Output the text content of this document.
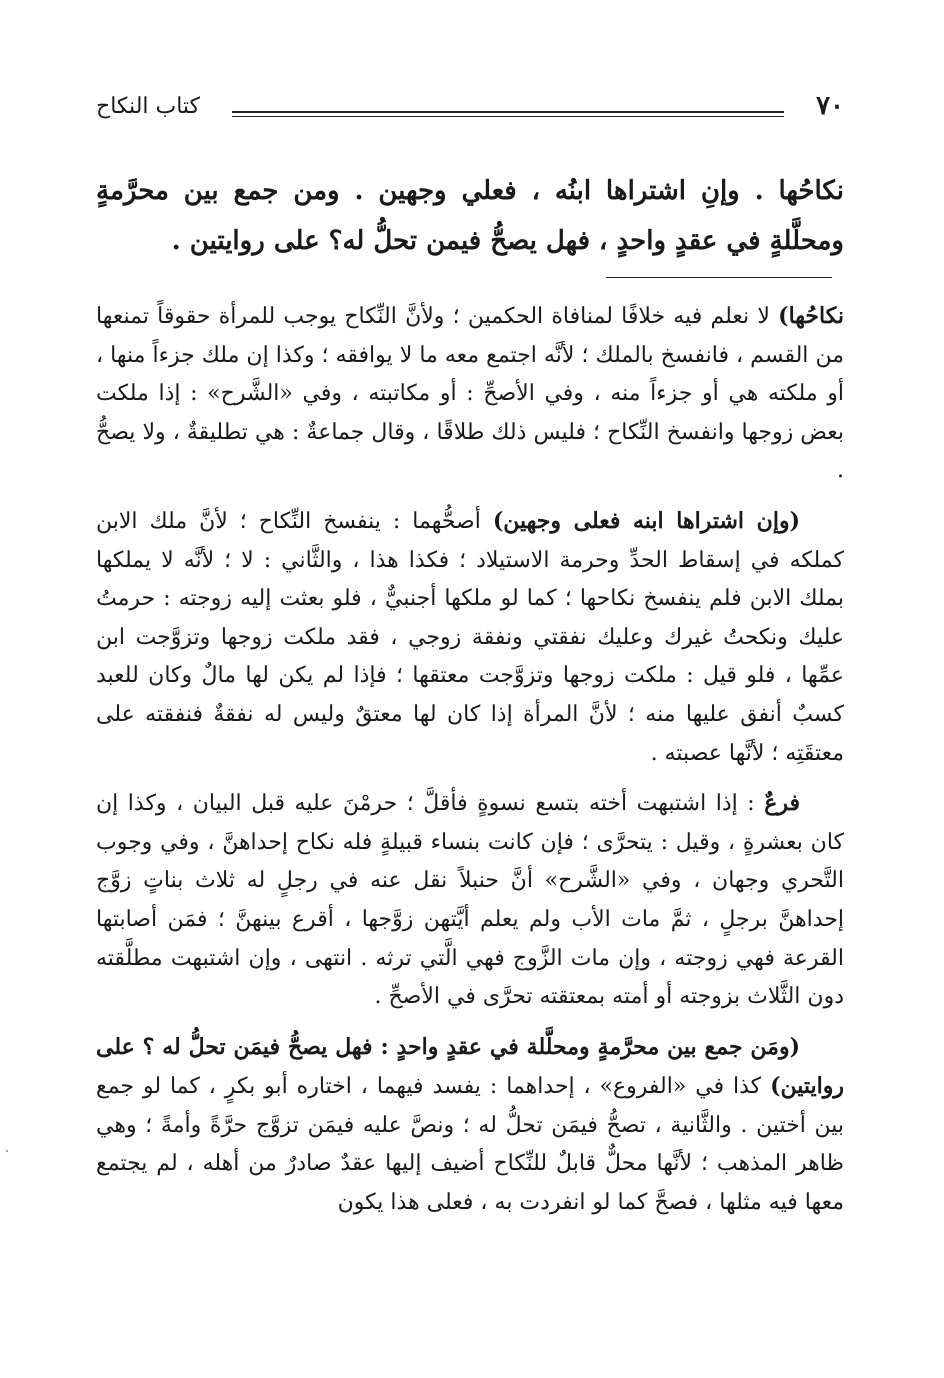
٧٠
كتاب النكاح
نكاحُها . وإنِ اشتراها ابنُه ، فعلي وجهين . ومن جمع بين محرَّمةٍ ومحلَّلةٍ في عقدٍ واحدٍ ، فهل يصحُّ فيمن تحلُّ له؟ على روايتين .

نكاحُها) لا نعلم فيه خلافًا لمنافاة الحكمين ؛ ولأنَّ النِّكاح يوجب للمرأة حقوقاً تمنعها من القسم ، فانفسخ بالملك ؛ لأنَّه اجتمع معه ما لا يوافقه ؛ وكذا إن ملك جزءاً منها ، أو ملكته هي أو جزءاً منه ، وفي الأصحِّ : أو مكاتبته ، وفي «الشَّرح» : إذا ملكت بعض زوجها وانفسخ النِّكاح ؛ فليس ذلك طلاقًا ، وقال جماعةٌ : هي تطليقةٌ ، ولا يصحُّ .

(وإن اشتراها ابنه فعلى وجهين) أصحُّهما : ينفسخ النِّكاح ؛ لأنَّ ملك الابن كملكه في إسقاط الحدِّ وحرمة الاستيلاد ؛ فكذا هذا ، والثَّاني : لا ؛ لأنَّه لا يملكها بملك الابن فلم ينفسخ نكاحها ؛ كما لو ملكها أجنبيٌّ ، فلو بعثت إليه زوجته : حرمتُ عليك ونكحتُ غيرك وعليك نفقتي ونفقة زوجي ، فقد ملكت زوجها وتزوَّجت ابن عمِّها ، فلو قيل : ملكت زوجها وتزوَّجت معتقها ؛ فإذا لم يكن لها مالٌ وكان للعبد كسبٌ أنفق عليها منه ؛ لأنَّ المرأة إذا كان لها معتقٌ وليس له نفقةٌ فنفقته على معتقَتِه ؛ لأنَّها عصبته .

فرعٌ : إذا اشتبهت أخته بتسع نسوةٍ فأقلَّ ؛ حرمْنَ عليه قبل البيان ، وكذا إن كان بعشرةٍ ، وقيل : يتحرَّى ؛ فإن كانت بنساء قبيلةٍ فله نكاح إحداهنَّ ، وفي وجوب التَّحري وجهان ، وفي «الشَّرح» أنَّ حنبلاً نقل عنه في رجلٍ له ثلاث بناتٍ زوَّج إحداهنَّ برجلٍ ، ثمَّ مات الأب ولم يعلم أيَّتهن زوَّجها ، أقرع بينهنَّ ؛ فمَن أصابتها القرعة فهي زوجته ، وإن مات الزَّوج فهي الَّتي ترثه . انتهى ، وإن اشتبهت مطلَّقته دون الثَّلاث بزوجته أو أمته بمعتقته تحرَّى في الأصحِّ .

(ومَن جمع بين محرَّمةٍ ومحلَّلة في عقدٍ واحدٍ : فهل يصحُّ فيمَن تحلُّ له ؟ على روايتين) كذا في «الفروع» ، إحداهما : يفسد فيهما ، اختاره أبو بكرٍ ، كما لو جمع بين أختين . والثَّانية ، تصحُّ فيمَن تحلُّ له ؛ ونصَّ عليه فيمَن تزوَّج حرَّةً وأمةً ؛ وهي ظاهر المذهب ؛ لأنَّها محلٌّ قابلٌ للنِّكاح أضيف إليها عقدٌ صادرٌ من أهله ، لم يجتمع معها فيه مثلها ، فصحَّ كما لو انفردت به ، فعلى هذا يكون
